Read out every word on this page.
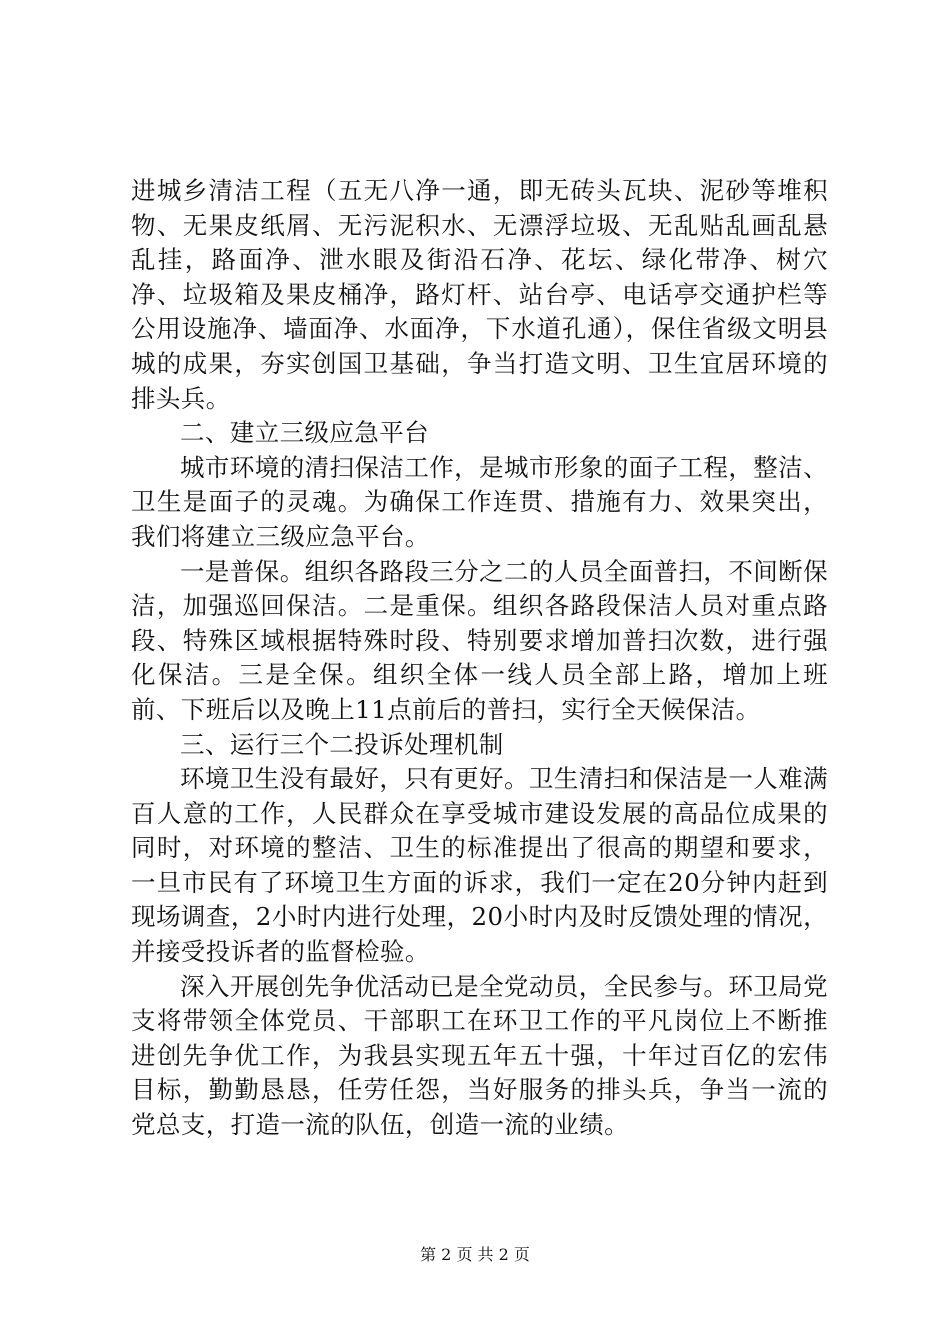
进城乡清洁工程（五无八净一通，即无砖头瓦块、泥砂等堆积物、无果皮纸屑、无污泥积水、无漂浮垃圾、无乱贴乱画乱悬乱挂，路面净、泄水眼及街沿石净、花坛、绿化带净、树穴净、垃圾箱及果皮桶净，路灯杆、站台亭、电话亭交通护栏等公用设施净、墙面净、水面净，下水道孔通），保住省级文明县城的成果，夯实创国卫基础，争当打造文明、卫生宜居环境的排头兵。

二、建立三级应急平台

城市环境的清扫保洁工作，是城市形象的面子工程，整洁、卫生是面子的灵魂。为确保工作连贯、措施有力、效果突出，我们将建立三级应急平台。

一是普保。组织各路段三分之二的人员全面普扫，不间断保洁，加强巡回保洁。二是重保。组织各路段保洁人员对重点路段、特殊区域根据特殊时段、特别要求增加普扫次数，进行强化保洁。三是全保。组织全体一线人员全部上路，增加上班前、下班后以及晚上11点前后的普扫，实行全天候保洁。

三、运行三个二投诉处理机制

环境卫生没有最好，只有更好。卫生清扫和保洁是一人难满百人意的工作，人民群众在享受城市建设发展的高品位成果的同时，对环境的整洁、卫生的标准提出了很高的期望和要求，一旦市民有了环境卫生方面的诉求，我们一定在20分钟内赶到现场调查，2小时内进行处理，20小时内及时反馈处理的情况，并接受投诉者的监督检验。

深入开展创先争优活动已是全党动员，全民参与。环卫局党支将带领全体党员、干部职工在环卫工作的平凡岗位上不断推进创先争优工作，为我县实现五年五十强，十年过百亿的宏伟目标，勤勤恳恳，任劳任怨，当好服务的排头兵，争当一流的党总支，打造一流的队伍，创造一流的业绩。

第 2 页 共 2 页
